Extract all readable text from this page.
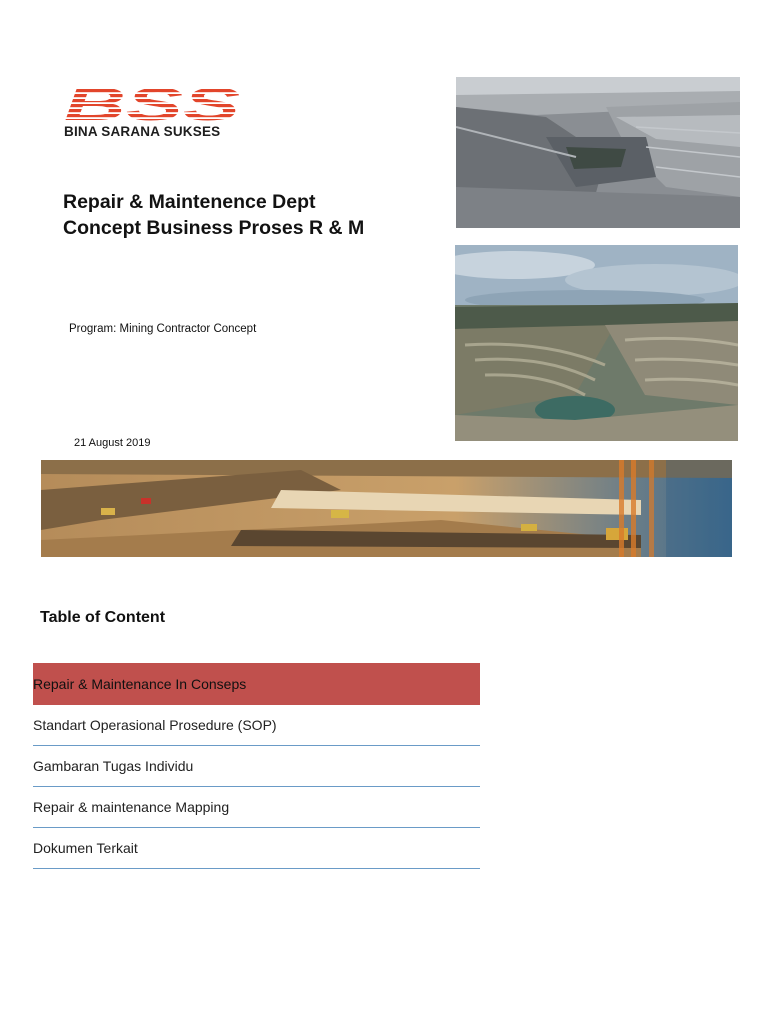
BSS
BINA SARANA SUKSES
Repair & Maintenence Dept
Concept Business Proses R & M
Program: Mining Contractor Concept
21 August 2019
Table of Content
Repair & Maintenance In Conseps
Standart Operasional Prosedure (SOP)
Gambaran Tugas Individu
Repair & maintenance Mapping
Dokumen Terkait
